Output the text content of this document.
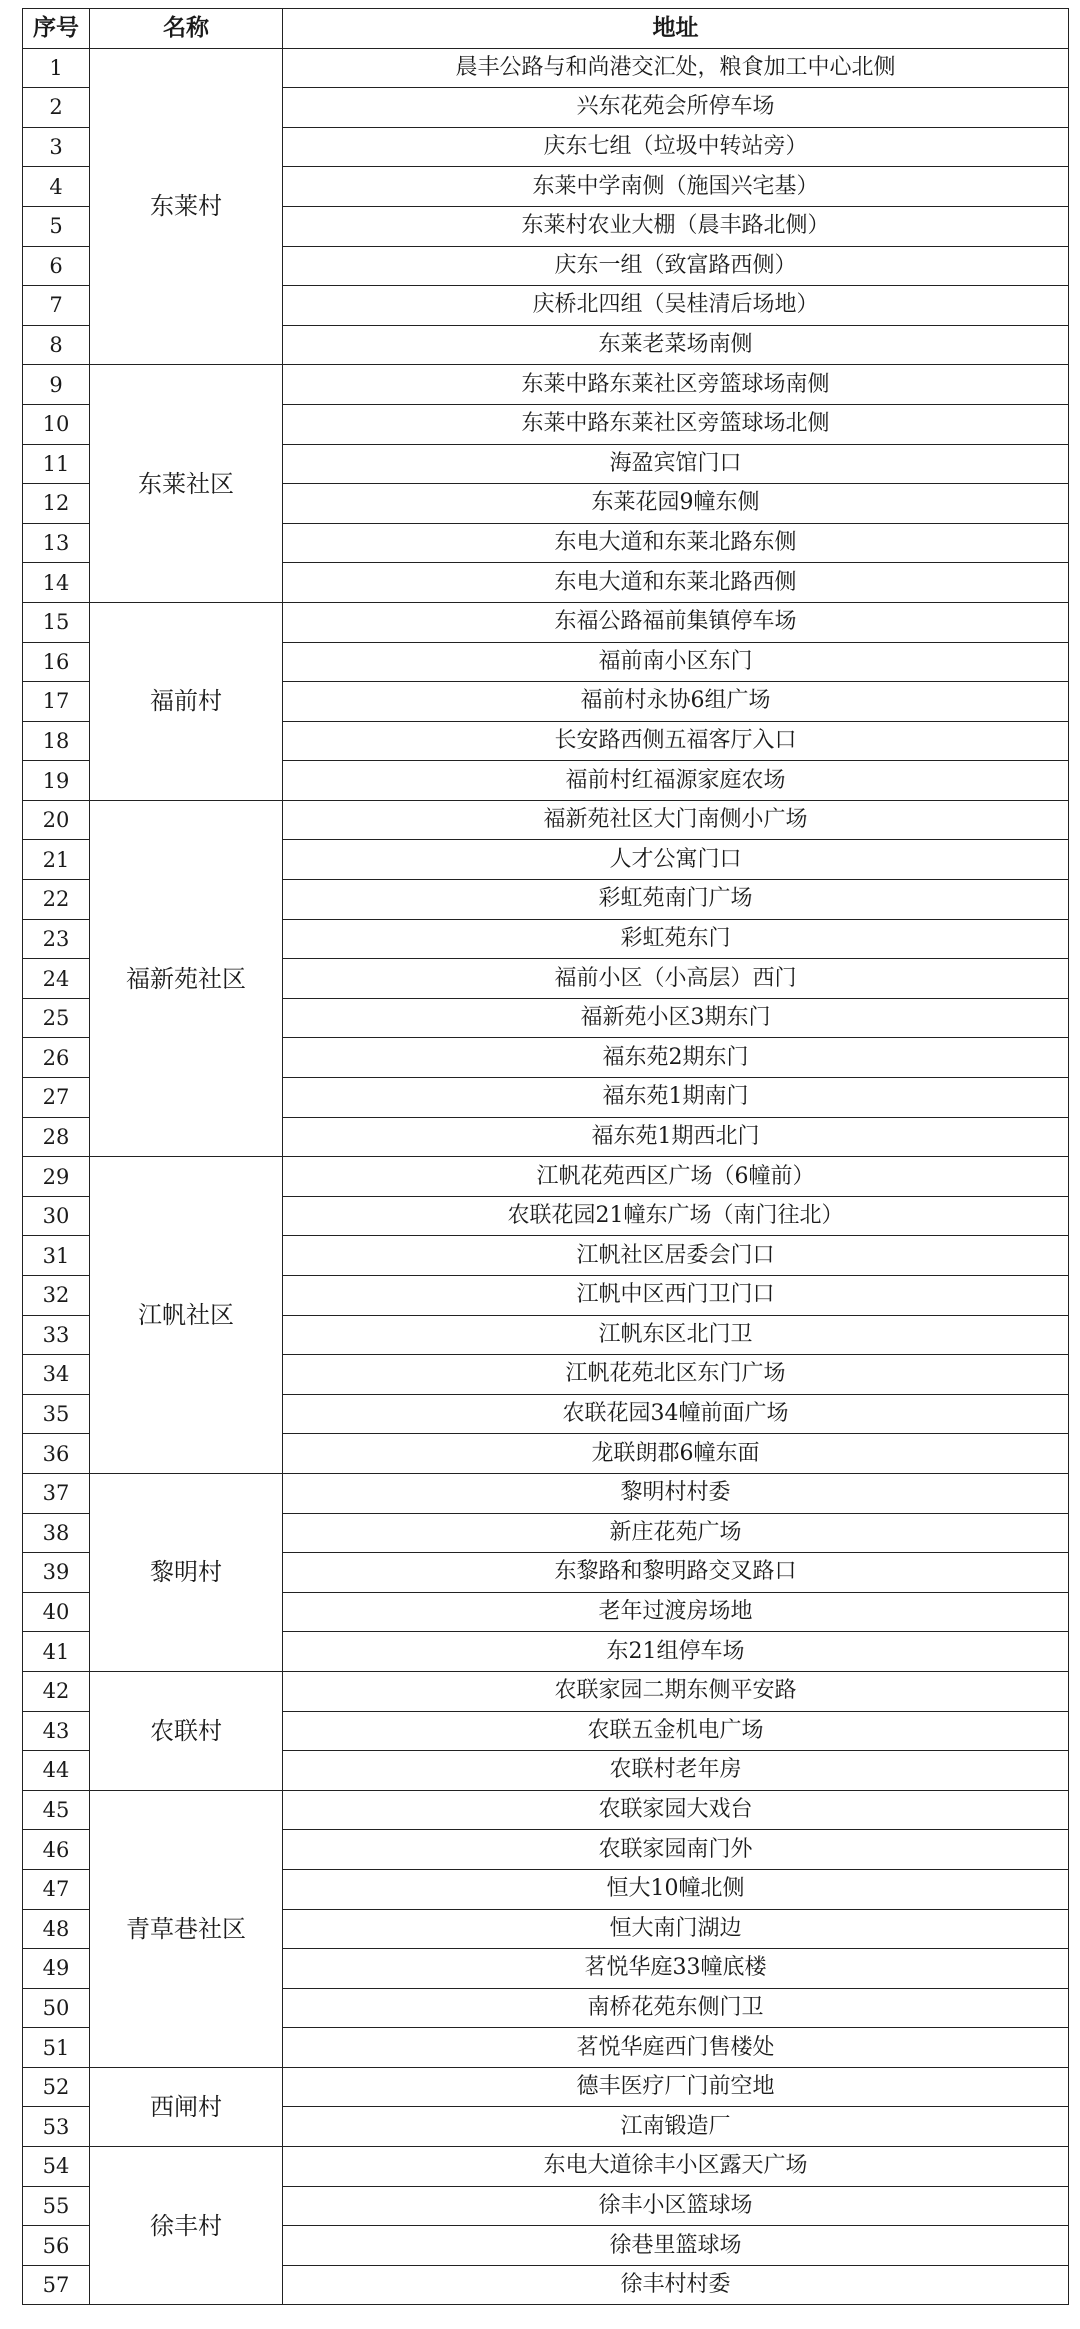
序号	名称	地址
1	东莱村	晨丰公路与和尚港交汇处，粮食加工中心北侧
2		兴东花苑会所停车场
3		庆东七组（垃圾中转站旁）
4		东莱中学南侧（施国兴宅基）
5		东莱村农业大棚（晨丰路北侧）
6		庆东一组（致富路西侧）
7		庆桥北四组（吴桂清后场地）
8		东莱老菜场南侧
9	东莱社区	东莱中路东莱社区旁篮球场南侧
10		东莱中路东莱社区旁篮球场北侧
11		海盈宾馆门口
12		东莱花园9幢东侧
13		东电大道和东莱北路东侧
14		东电大道和东莱北路西侧
15	福前村	东福公路福前集镇停车场
16		福前南小区东门
17		福前村永协6组广场
18		长安路西侧五福客厅入口
19		福前村红福源家庭农场
20	福新苑社区	福新苑社区大门南侧小广场
21		人才公寓门口
22		彩虹苑南门广场
23		彩虹苑东门
24		福前小区（小高层）西门
25		福新苑小区3期东门
26		福东苑2期东门
27		福东苑1期南门
28		福东苑1期西北门
29	江帆社区	江帆花苑西区广场（6幢前）
30		农联花园21幢东广场（南门往北）
31		江帆社区居委会门口
32		江帆中区西门卫门口
33		江帆东区北门卫
34		江帆花苑北区东门广场
35		农联花园34幢前面广场
36		龙联朗郡6幢东面
37	黎明村	黎明村村委
38		新庄花苑广场
39		东黎路和黎明路交叉路口
40		老年过渡房场地
41		东21组停车场
42	农联村	农联家园二期东侧平安路
43		农联五金机电广场
44		农联村老年房
45	青草巷社区	农联家园大戏台
46		农联家园南门外
47		恒大10幢北侧
48		恒大南门湖边
49		茗悦华庭33幢底楼
50		南桥花苑东侧门卫
51		茗悦华庭西门售楼处
52	西闸村	德丰医疗厂门前空地
53		江南锻造厂
54	徐丰村	东电大道徐丰小区露天广场
55		徐丰小区篮球场
56		徐巷里篮球场
57		徐丰村村委
